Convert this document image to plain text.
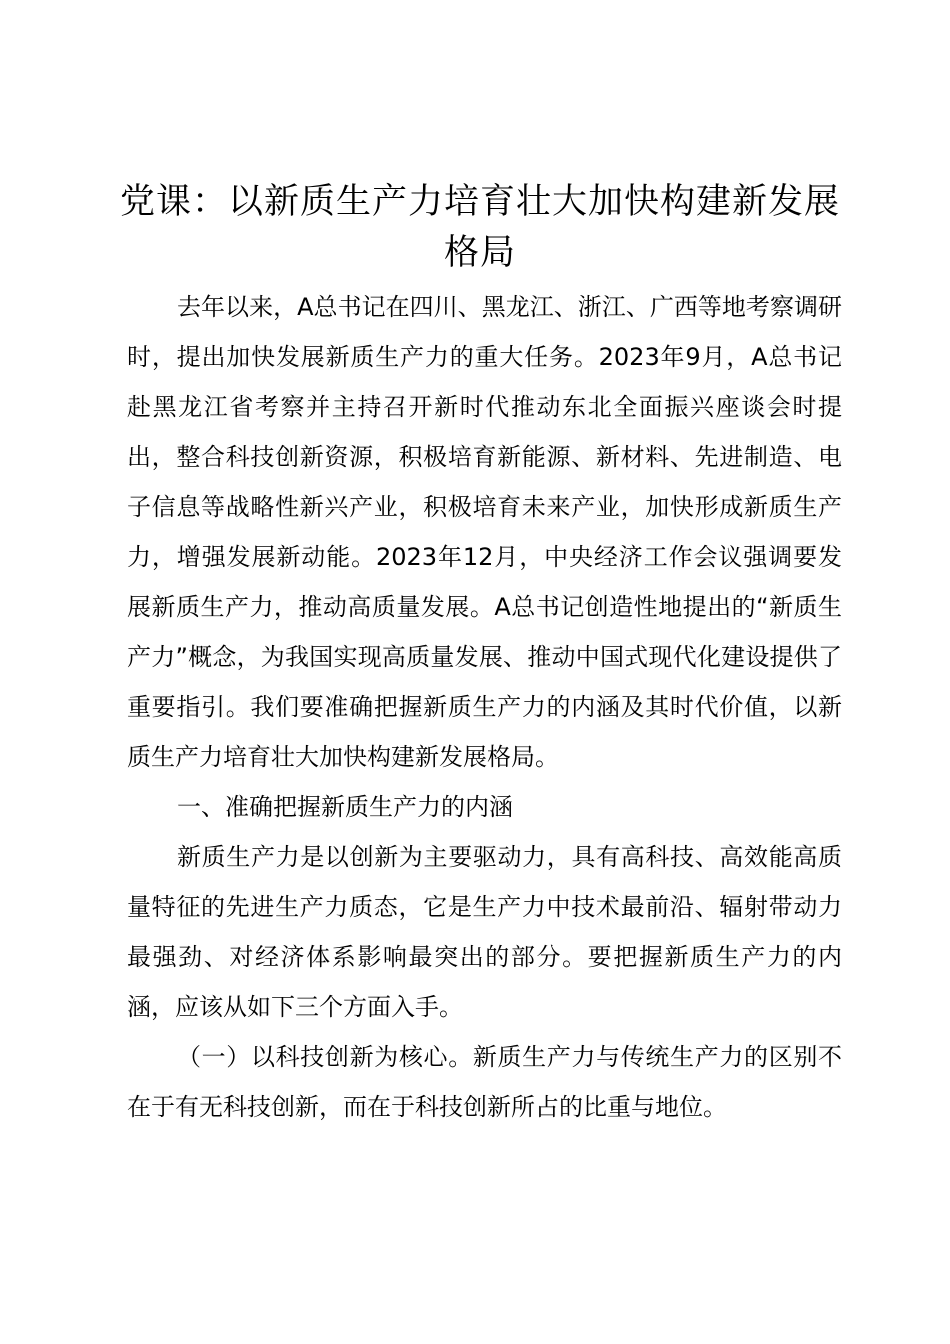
党课：以新质生产力培育壮大加快构建新发展格局

去年以来，A总书记在四川、黑龙江、浙江、广西等地考察调研时，提出加快发展新质生产力的重大任务。2023年9月，A总书记赴黑龙江省考察并主持召开新时代推动东北全面振兴座谈会时提出，整合科技创新资源，积极培育新能源、新材料、先进制造、电子信息等战略性新兴产业，积极培育未来产业，加快形成新质生产力，增强发展新动能。2023年12月，中央经济工作会议强调要发展新质生产力，推动高质量发展。A总书记创造性地提出的“新质生产力”概念，为我国实现高质量发展、推动中国式现代化建设提供了重要指引。我们要准确把握新质生产力的内涵及其时代价值，以新质生产力培育壮大加快构建新发展格局。

一、准确把握新质生产力的内涵

新质生产力是以创新为主要驱动力，具有高科技、高效能高质量特征的先进生产力质态，它是生产力中技术最前沿、辐射带动力最强劲、对经济体系影响最突出的部分。要把握新质生产力的内涵，应该从如下三个方面入手。

（一）以科技创新为核心。新质生产力与传统生产力的区别不在于有无科技创新，而在于科技创新所占的比重与地位。
